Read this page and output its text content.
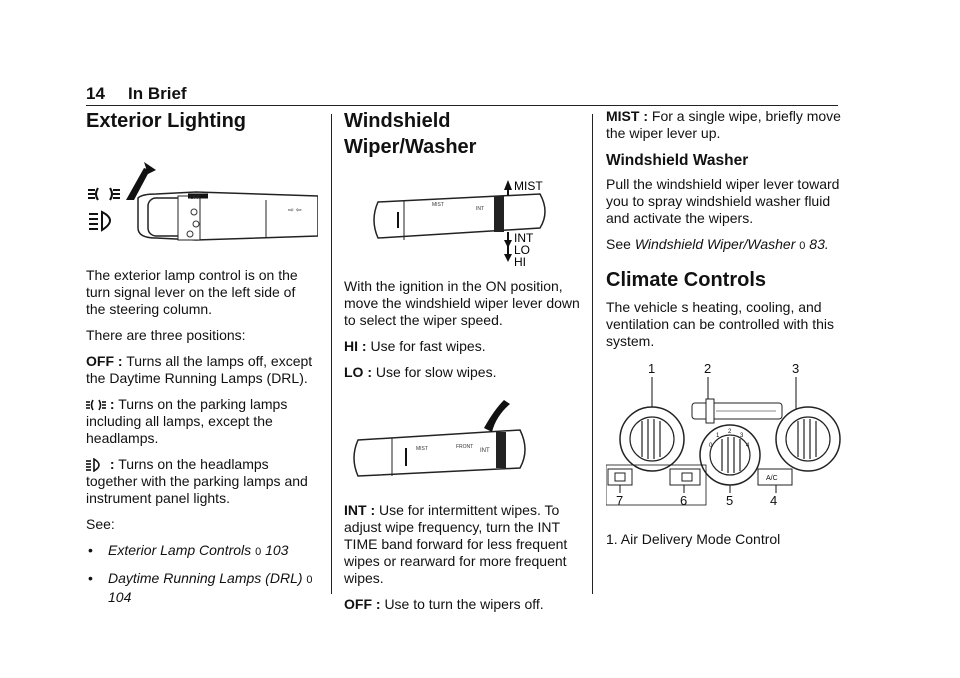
14 In Brief
Exterior Lighting
OFF
⇨ ⇦

The exterior lamp control is on the turn signal lever on the left side of the steering column.

There are three positions:

OFF : Turns all the lamps off, except the Daytime Running Lamps (DRL).

: Turns on the parking lamps including all lamps, except the headlamps.

: Turns on the headlamps together with the parking lamps and instrument panel lights.

See:

• Exterior Lamp Controls 0 103

• Daytime Running Lamps (DRL) 0 104

Windshield Wiper/Washer
MIST
INT
MIST
INT
LO
HI

With the ignition in the ON position, move the windshield wiper lever down to select the wiper speed.

HI : Use for fast wipes.

LO : Use for slow wipes.

MIST	FRONT
INT

INT : Use for intermittent wipes. To adjust wipe frequency, turn the INT TIME band forward for less frequent wipes or rearward for more frequent wipes.

OFF : Use to turn the wipers off.

MIST : For a single wipe, briefly move the wiper lever up.

Windshield Washer

Pull the windshield wiper lever toward you to spray windshield washer fluid and activate the wipers.

See Windshield Wiper/Washer 0 83.

Climate Controls

The vehicle s heating, cooling, and ventilation can be controlled with this system.

1	2	3
4
5
6
7
0
1
2
3
4
A/C

1. Air Delivery Mode Control
